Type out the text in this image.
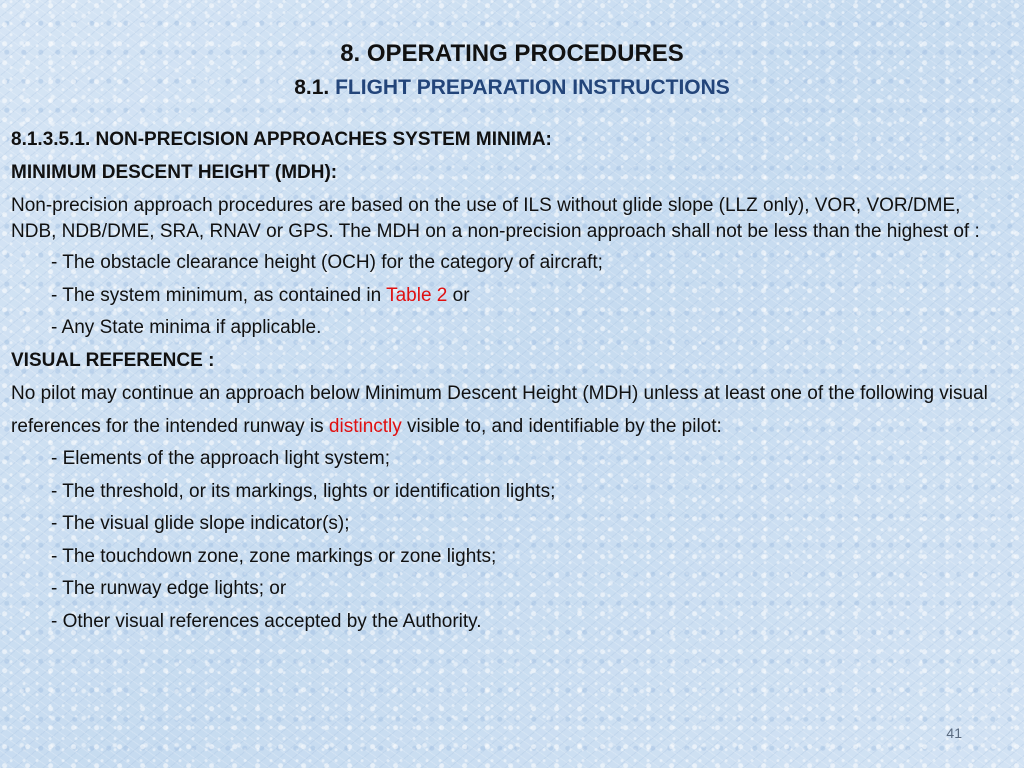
8. OPERATING PROCEDURES
8.1. FLIGHT PREPARATION INSTRUCTIONS
8.1.3.5.1. NON-PRECISION APPROACHES SYSTEM MINIMA:
MINIMUM DESCENT HEIGHT (MDH):
Non-precision approach procedures are based on the use of ILS without glide slope (LLZ only), VOR, VOR/DME, NDB, NDB/DME, SRA, RNAV or GPS. The MDH on a non-precision approach shall not be less than the highest of :
- The obstacle clearance height (OCH) for the category of aircraft;
- The system minimum, as contained in Table 2 or
- Any State minima if applicable.
VISUAL REFERENCE :
No pilot may continue an approach below Minimum Descent Height (MDH) unless at least one of the following visual references for the intended runway is distinctly visible to, and identifiable by the pilot:
- Elements of the approach light system;
- The threshold, or its markings, lights or identification lights;
- The visual glide slope indicator(s);
- The touchdown zone, zone markings or zone lights;
- The runway edge lights; or
- Other visual references accepted by the Authority.
41
